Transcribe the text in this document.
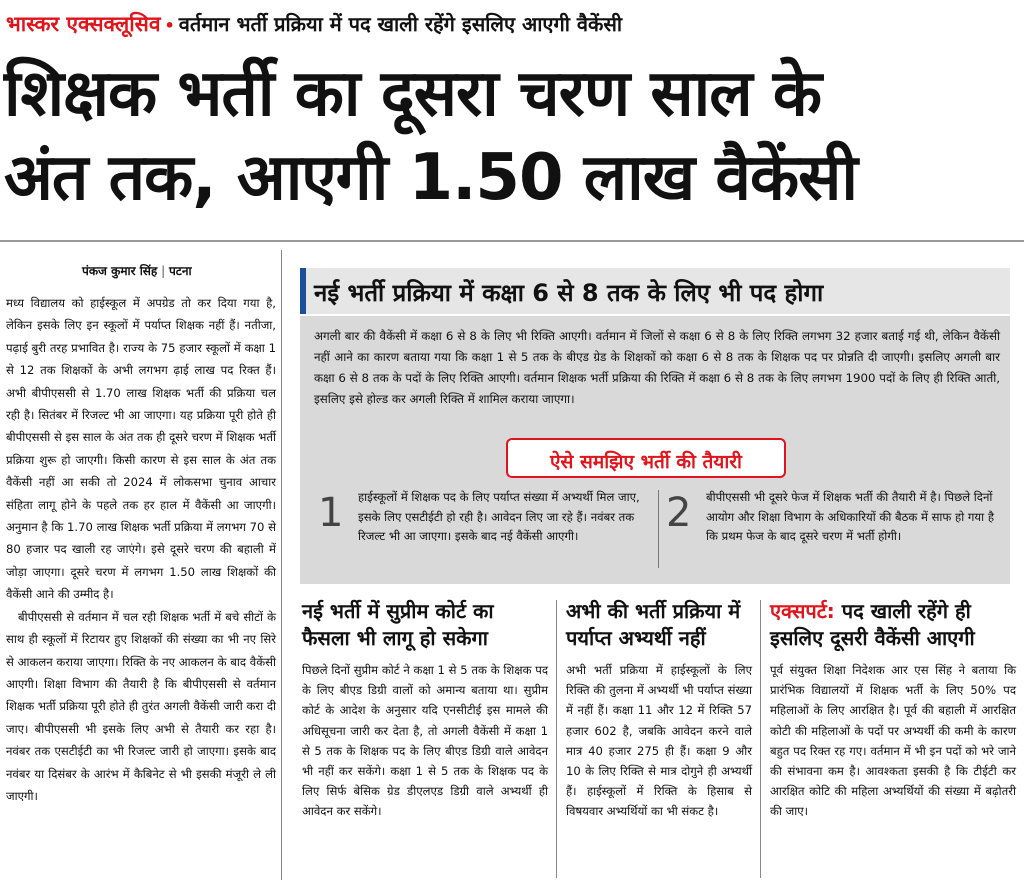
भास्कर एक्सक्लूसिव • वर्तमान भर्ती प्रक्रिया में पद खाली रहेंगे इसलिए आएगी वैकेंसी
शिक्षक भर्ती का दूसरा चरण साल के
अंत तक, आएगी 1.50 लाख वैकेंसी
पंकज कुमार सिंह | पटना

मध्य विद्यालय को हाईस्कूल में अपग्रेड तो कर दिया गया है, लेकिन इसके लिए इन स्कूलों में पर्याप्त शिक्षक नहीं हैं। नतीजा, पढ़ाई बुरी तरह प्रभावित है। राज्य के 75 हजार स्कूलों में कक्षा 1 से 12 तक शिक्षकों के अभी लगभग ढ़ाई लाख पद रिक्त हैं। अभी बीपीएससी से 1.70 लाख शिक्षक भर्ती की प्रक्रिया चल रही है। सितंबर में रिजल्ट भी आ जाएगा। यह प्रक्रिया पूरी होते ही बीपीएससी से इस साल के अंत तक ही दूसरे चरण में शिक्षक भर्ती प्रक्रिया शुरू हो जाएगी। किसी कारण से इस साल के अंत तक वैकेंसी नहीं आ सकी तो 2024 में लोकसभा चुनाव आचार संहिता लागू होने के पहले तक हर हाल में वैकेंसी आ जाएगी। अनुमान है कि 1.70 लाख शिक्षक भर्ती प्रक्रिया में लगभग 70 से 80 हजार पद खाली रह जाएंगे। इसे दूसरे चरण की बहाली में जोड़ा जाएगा। दूसरे चरण में लगभग 1.50 लाख शिक्षकों की वैकेंसी आने की उम्मीद है।

बीपीएससी से वर्तमान में चल रही शिक्षक भर्ती में बचे सीटों के साथ ही स्कूलों में रिटायर हुए शिक्षकों की संख्या का भी नए सिरे से आकलन कराया जाएगा। रिक्ति के नए आकलन के बाद वैकेंसी आएगी। शिक्षा विभाग की तैयारी है कि बीपीएससी से वर्तमान शिक्षक भर्ती प्रक्रिया पूरी होते ही तुरंत अगली वैकेंसी जारी करा दी जाए। बीपीएससी भी इसके लिए अभी से तैयारी कर रहा है। नवंबर तक एसटीईटी का भी रिजल्ट जारी हो जाएगा। इसके बाद नवंबर या दिसंबर के आरंभ में कैबिनेट से भी इसकी मंजूरी ले ली जाएगी।

नई भर्ती प्रक्रिया में कक्षा 6 से 8 तक के लिए भी पद होगा
अगली बार की वैकेंसी में कक्षा 6 से 8 के लिए भी रिक्ति आएगी। वर्तमान में जिलों से कक्षा 6 से 8 के लिए रिक्ति लगभग 32 हजार बताई गई थी, लेकिन वैकेंसी नहीं आने का कारण बताया गया कि कक्षा 1 से 5 तक के बीएड ग्रेड के शिक्षकों को कक्षा 6 से 8 तक के शिक्षक पद पर प्रोन्नति दी जाएगी। इसलिए अगली बार कक्षा 6 से 8 तक के पदों के लिए रिक्ति आएगी। वर्तमान शिक्षक भर्ती प्रक्रिया की रिक्ति में कक्षा 6 से 8 तक के लिए लगभग 1900 पदों के लिए ही रिक्ति आती, इसलिए इसे होल्ड कर अगली रिक्ति में शामिल कराया जाएगा।
ऐसे समझिए भर्ती की तैयारी
1 हाईस्कूलों में शिक्षक पद के लिए पर्याप्त संख्या में अभ्यर्थी मिल जाए, इसके लिए एसटीईटी हो रही है। आवेदन लिए जा रहे हैं। नवंबर तक रिजल्ट भी आ जाएगा। इसके बाद नई वैकेंसी आएगी।	2 बीपीएससी भी दूसरे फेज में शिक्षक भर्ती की तैयारी में है। पिछले दिनों आयोग और शिक्षा विभाग के अधिकारियों की बैठक में साफ हो गया है कि प्रथम फेज के बाद दूसरे चरण में भर्ती होगी।
नई भर्ती में सुप्रीम कोर्ट का फैसला भी लागू हो सकेगा
पिछले दिनों सुप्रीम कोर्ट ने कक्षा 1 से 5 तक के शिक्षक पद के लिए बीएड डिग्री वालों को अमान्य बताया था। सुप्रीम कोर्ट के आदेश के अनुसार यदि एनसीटीई इस मामले की अधिसूचना जारी कर देता है, तो अगली वैकेंसी में कक्षा 1 से 5 तक के शिक्षक पद के लिए बीएड डिग्री वाले आवेदन भी नहीं कर सकेंगे। कक्षा 1 से 5 तक के शिक्षक पद के लिए सिर्फ बेसिक ग्रेड डीएलएड डिग्री वाले अभ्यर्थी ही आवेदन कर सकेंगे।
अभी की भर्ती प्रक्रिया में पर्याप्त अभ्यर्थी नहीं
अभी भर्ती प्रक्रिया में हाईस्कूलों के लिए रिक्ति की तुलना में अभ्यर्थी भी पर्याप्त संख्या में नहीं हैं। कक्षा 11 और 12 में रिक्ति 57 हजार 602 है, जबकि आवेदन करने वाले मात्र 40 हजार 275 ही हैं। कक्षा 9 और 10 के लिए रिक्ति से मात्र दोगुने ही अभ्यर्थी हैं। हाईस्कूलों में रिक्ति के हिसाब से विषयवार अभ्यर्थियों का भी संकट है।
एक्सपर्ट: पद खाली रहेंगे ही इसलिए दूसरी वैकेंसी आएगी
पूर्व संयुक्त शिक्षा निदेशक आर एस सिंह ने बताया कि प्रारंभिक विद्यालयों में शिक्षक भर्ती के लिए 50% पद महिलाओं के लिए आरक्षित है। पूर्व की बहाली में आरक्षित कोटी की महिलाओं के पदों पर अभ्यर्थी की कमी के कारण बहुत पद रिक्त रह गए। वर्तमान में भी इन पदों को भरे जाने की संभावना कम है। आवश्कता इसकी है कि टीईटी कर आरक्षित कोटि की महिला अभ्यर्थियों की संख्या में बढ़ोतरी की जाए।
